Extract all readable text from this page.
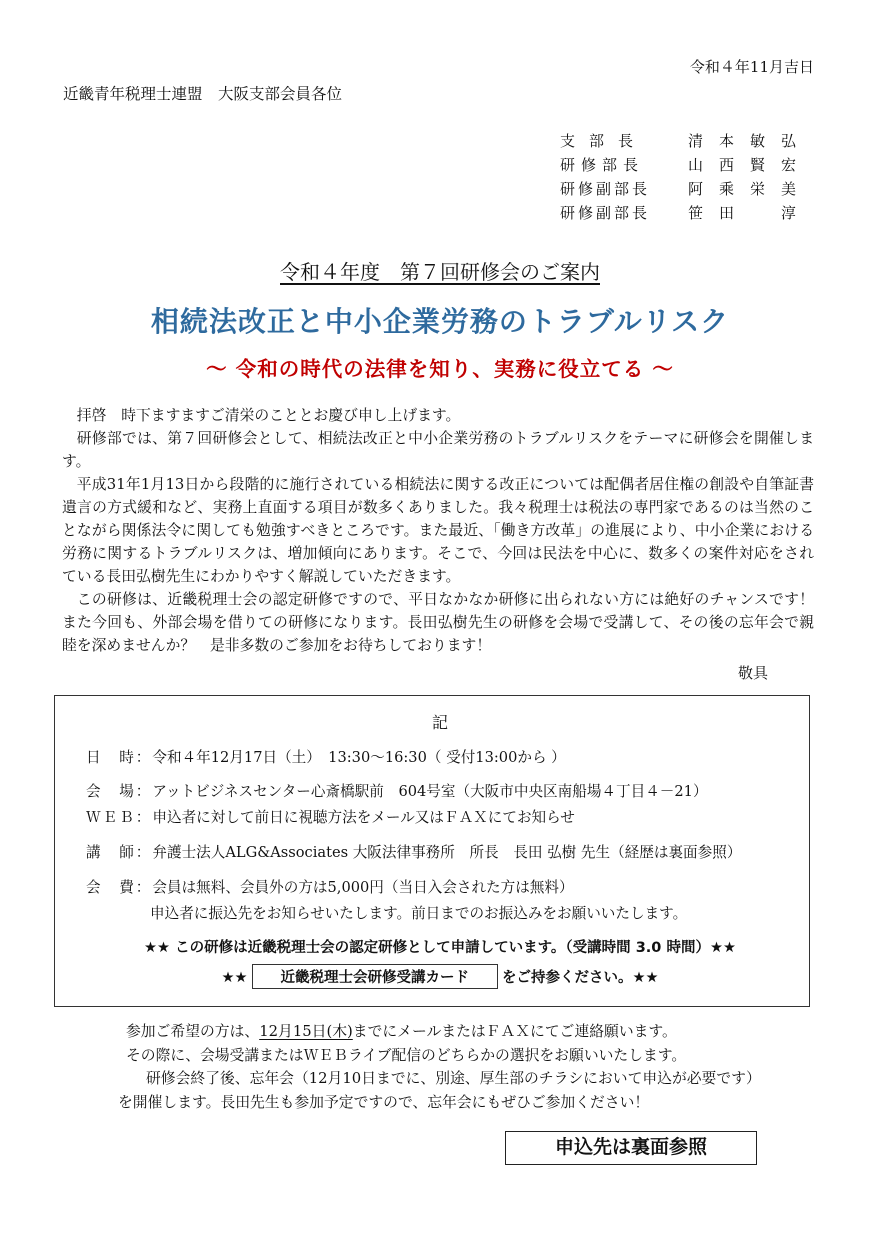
令和４年11月吉日
近畿青年税理士連盟　大阪支部会員各位
支部長	清本敏弘
研修部長	山西賢宏
研修副部長	阿乘栄美
研修副部長	笹田　淳
令和４年度　第７回研修会のご案内
相続法改正と中小企業労務のトラブルリスク
～ 令和の時代の法律を知り、実務に役立てる ～

拝啓　時下ますますご清栄のこととお慶び申し上げます。

研修部では、第７回研修会として、相続法改正と中小企業労務のトラブルリスクをテーマに研修会を開催します。

平成31年1月13日から段階的に施行されている相続法に関する改正については配偶者居住権の創設や自筆証書遺言の方式緩和など、実務上直面する項目が数多くありました。我々税理士は税法の専門家であるのは当然のことながら関係法令に関しても勉強すべきところです。また最近、「働き方改革」の進展により、中小企業における労務に関するトラブルリスクは、増加傾向にあります。そこで、今回は民法を中心に、数多くの案件対応をされている長田弘樹先生にわかりやすく解説していただきます。

この研修は、近畿税理士会の認定研修ですので、平日なかなか研修に出られない方には絶好のチャンスです！　また今回も、外部会場を借りての研修になります。長田弘樹先生の研修を会場で受講して、その後の忘年会で親睦を深めませんか？　是非多数のご参加をお待ちしております！

敬具
記
日　時：令和４年12月17日（土）　13:30～16:30（ 受付13:00から ）
会　場：アットビジネスセンター心斎橋駅前　604号室（大阪市中央区南船場４丁目４－21）
ＷＥＢ：申込者に対して前日に視聴方法をメール又はＦＡＸにてお知らせ
講　師：弁護士法人ALG&Associates 大阪法律事務所　所長　長田 弘樹 先生（経歴は裏面参照）
会　費：会員は無料、会員外の方は5,000円（当日入会された方は無料）
申込者に振込先をお知らせいたします。前日までのお振込みをお願いいたします。
★★ この研修は近畿税理士会の認定研修として申請しています。（受講時間 3.0 時間）★★
★★ 近畿税理士会研修受講カード をご持参ください。★★
参加ご希望の方は、12月15日(木)までにメールまたはＦＡＸにてご連絡願います。
その際に、会場受講またはＷＥＢライブ配信のどちらかの選択をお願いいたします。
研修会終了後、忘年会（12月10日までに、別途、厚生部のチラシにおいて申込が必要です）
を開催します。長田先生も参加予定ですので、忘年会にもぜひご参加ください！
申込先は裏面参照
